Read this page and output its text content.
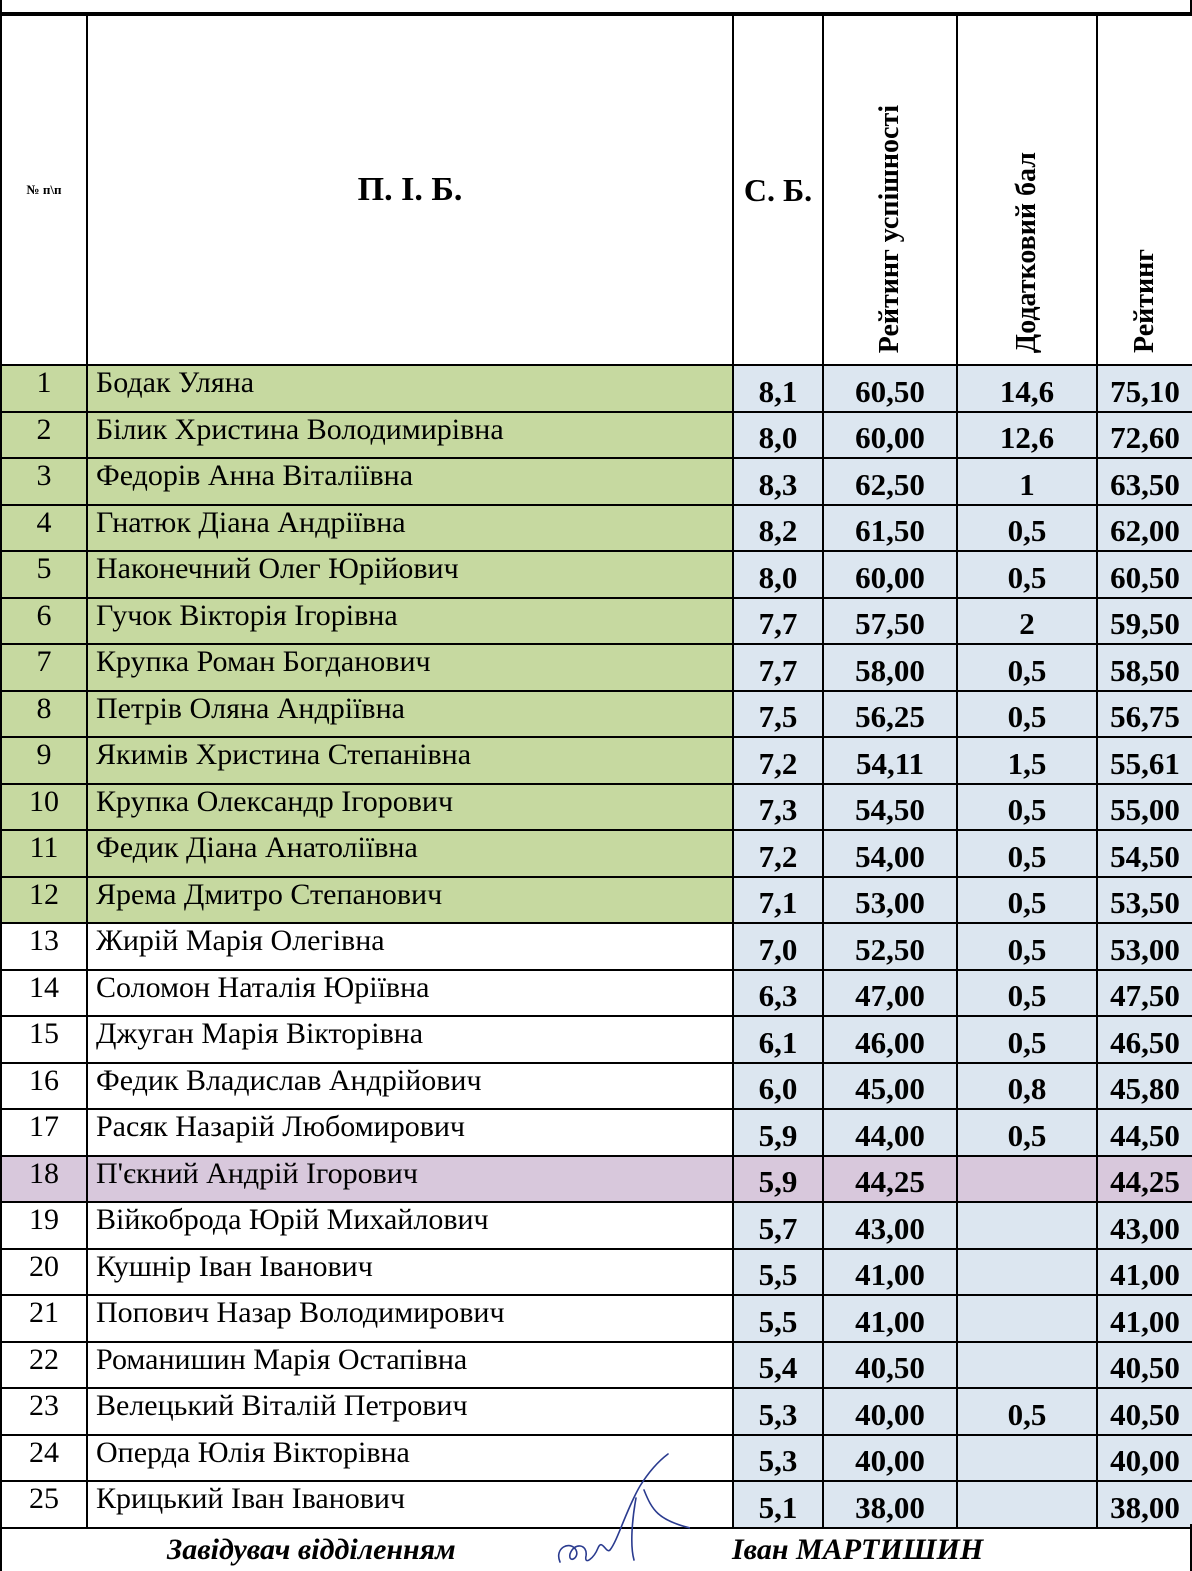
№ п\п	П. І. Б.	С. Б.	Рейтинг успішності	Додатковий бал	Рейтинг
1	Бодак Уляна	8,1	60,50	14,6	75,10
2	Білик Христина Володимирівна	8,0	60,00	12,6	72,60
3	Федорів Анна Віталіївна	8,3	62,50	1	63,50
4	Гнатюк Діана Андріївна	8,2	61,50	0,5	62,00
5	Наконечний Олег Юрійович	8,0	60,00	0,5	60,50
6	Гучок Вікторія Ігорівна	7,7	57,50	2	59,50
7	Крупка Роман Богданович	7,7	58,00	0,5	58,50
8	Петрів Оляна Андріївна	7,5	56,25	0,5	56,75
9	Якимів Христина Степанівна	7,2	54,11	1,5	55,61
10	Крупка Олександр Ігорович	7,3	54,50	0,5	55,00
11	Федик Діана Анатоліївна	7,2	54,00	0,5	54,50
12	Ярема Дмитро Степанович	7,1	53,00	0,5	53,50
13	Жирій Марія Олегівна	7,0	52,50	0,5	53,00
14	Соломон Наталія Юріївна	6,3	47,00	0,5	47,50
15	Джуган Марія Вікторівна	6,1	46,00	0,5	46,50
16	Федик Владислав Андрійович	6,0	45,00	0,8	45,80
17	Расяк Назарій Любомирович	5,9	44,00	0,5	44,50
18	П'єкний Андрій Ігорович	5,9	44,25		44,25
19	Війкоброда Юрій Михайлович	5,7	43,00		43,00
20	Кушнір Іван Іванович	5,5	41,00		41,00
21	Попович Назар Володимирович	5,5	41,00		41,00
22	Романишин Марія Остапівна	5,4	40,50		40,50
23	Велецький Віталій Петрович	5,3	40,00	0,5	40,50
24	Оперда Юлія Вікторівна	5,3	40,00		40,00
25	Крицький Іван Іванович	5,1	38,00		38,00
Завідувач відділенням	Іван МАРТИШИН
